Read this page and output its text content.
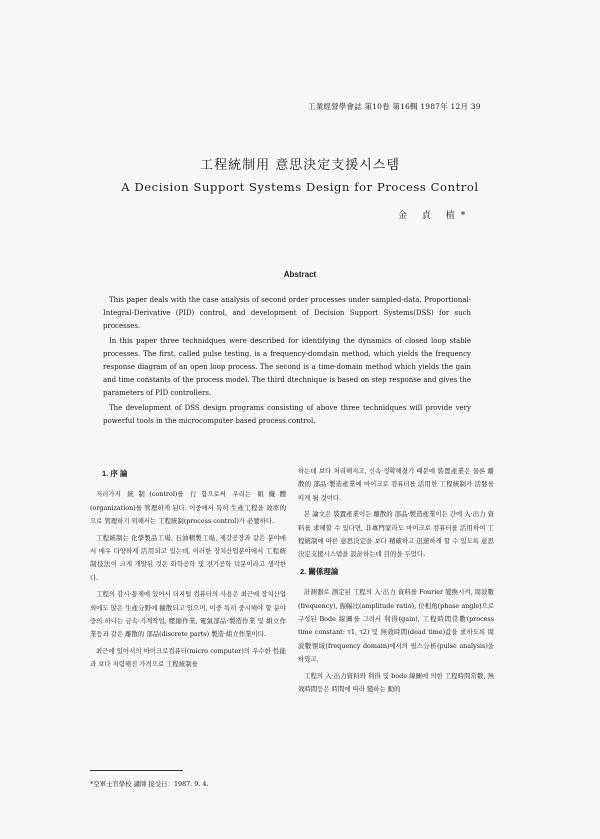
工業經營學會誌 第10卷 第16輯 1987年 12月 39
工程統制用 意思決定支援시스템
A Decision Support Systems Design for Process Control
金 貞 植*
Abstract

This paper deals with the case analysis of second order processes under sampled-data. Proportional-Integral-Derivative (PID) control, and development of Decision Support Systems(DSS) for such processes.

In this paper three technidques were described for identifying the dynamics of closed loop stable processes. The first, called pulse testing, is a frequency-domdain method, which yields the frequency response diagram of an open loop process. The second is a time-domain method which yields the gain and time constants of the process model. The third dtechnique is based on step response and gives the parameters of PID controllers.

The development of DSS design programs consisting of above three technidques will provide very powerful tools in the microcomputer based process control.

1. 序 論

저러가지 統制(control)를 行함으로써 우리는 組織體(organization)를 管理하게 된다. 이중에서 특히 生產工程을 效率的으로 管理하기 위해서는 工程統制(process control)가 必要하다.

工程統制는 化學製品工場, 石油精製工場, 제강공장과 같은 분야에서 매우 다양하게 活用되고 있는데, 이러한 장치산업분야에서 工程統制技法이 크게 개발된 것은 화학공학 및 전기공학 덕분이라고 생각한다.

工程의 감시·통제에 있어서 더지털 컴퓨터의 사용은 최근에 장치산업 외에도 많은 生產分野에 擴散되고 있으며, 이중 특히 중시해야 할 분야중의 하나는 금속·기계작업, 壓縮作業, 電氣部品·製造作業 및 組立作業등과 같은 離散的 部品(discrete parts) 製造·組立作業이다.

최근에 있어서의 마이크로컴퓨터(micro computer)의 우수한 性能과 보다 저렴해진 가격으로 工程統制를

하는데 보다 처리해지고, 신속·정확해졌기 때문에 裝置產業은 물론 離散的 部品·製造產業에 마이크로 컴퓨터를 活用한 工程統制가 活發를 띠게 될 것이다.

본 論文은 裝置產業이든 離散的 部品·製造產業이든 간에 入·出力 資料를 求해할 수 있다면, 非專門家라도 마이크로 컴퓨터를 活用하여 工程統制에 따른 意思決定을 보다 精確하고 迅速하게 할 수 있도록 意思決定支援시스템을 設計하는데 目的을 두었다.

2. 關係理論

計測器로 測定된 工程의 入·出力 資料를 Fourier 變換시켜, 周波數(frequency), 振幅比(amplitude ratio), 位相角(phase angle)으로 구성된 Bode 線圖를 그려서 利得(gain), 工程時間常數(process time constant: τ1, τ2) 및 無效時間(dead time)값을 求하도록 周波數領域(frequency domain)에서의 펄스分析(pulse analysis)을 하였고,

工程의 入·出力資料와 利得 및 bode 線圖에 의한 工程時間常數, 無效時間등은 時間에 따라 變하는 動的

*空軍士官學校 講師 接受日：1987. 9. 4.
